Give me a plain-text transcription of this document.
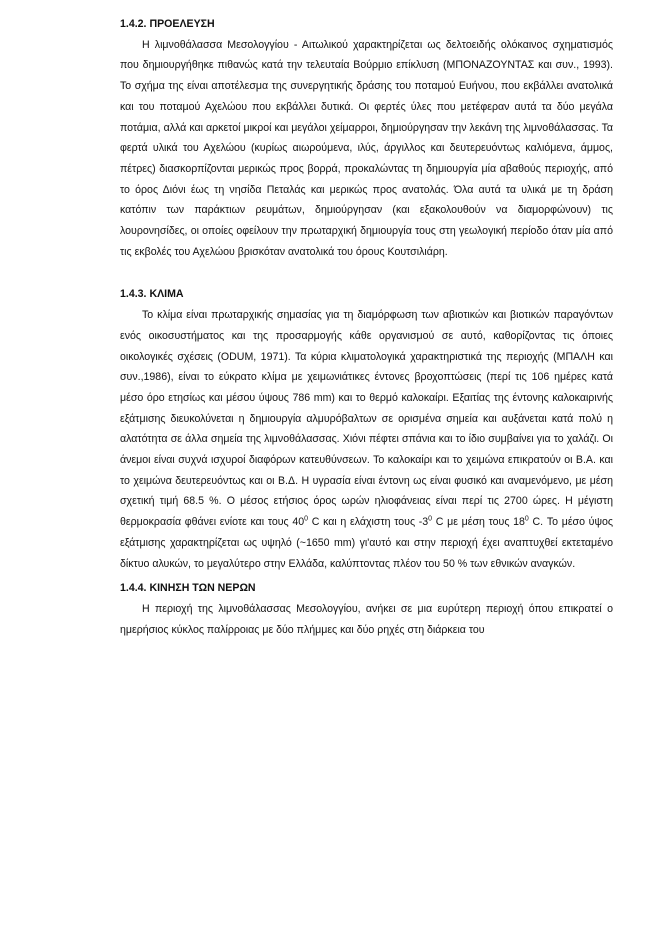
1.4.2. ΠΡΟΕΛΕΥΣΗ

Η λιμνοθάλασσα Μεσολογγίου - Αιτωλικού χαρακτηρίζεται ως δελτοειδής ολόκαινος σχηματισμός που δημιουργήθηκε πιθανώς κατά την τελευταία Βούρμιο επίκλυση (ΜΠΟΝΑΖΟΥΝΤΑΣ και συν., 1993). Το σχήμα της είναι αποτέλεσμα της συνεργητικής δράσης του ποταμού Ευήνου, που εκβάλλει ανατολικά και του ποταμού Αχελώου που εκβάλλει δυτικά. Οι φερτές ύλες που μετέφεραν αυτά τα δύο μεγάλα ποτάμια, αλλά και αρκετοί μικροί και μεγάλοι χείμαρροι, δημιούργησαν την λεκάνη της λιμνοθάλασσας. Τα φερτά υλικά του Αχελώου (κυρίως αιωρούμενα, ιλύς, άργιλλος και δευτερευόντως καλιόμενα, άμμος, πέτρες) διασκορπίζονται μερικώς προς βορρά, προκαλώντας τη δημιουργία μία αβαθούς περιοχής, από το όρος Διόνι έως τη νησίδα Πεταλάς και μερικώς προς ανατολάς. Όλα αυτά τα υλικά με τη δράση κατόπιν των παράκτιων ρευμάτων, δημιούργησαν (και εξακολουθούν να διαμορφώνουν) τις λουρονησίδες, οι οποίες οφείλουν την πρωταρχική δημιουργία τους στη γεωλογική περίοδο όταν μία από τις εκβολές του Αχελώου βρισκόταν ανατολικά του όρους Κουτσιλιάρη.

1.4.3. ΚΛΙΜΑ

Το κλίμα είναι πρωταρχικής σημασίας για τη διαμόρφωση των αβιοτικών και βιοτικών παραγόντων ενός οικοσυστήματος και της προσαρμογής κάθε οργανισμού σε αυτό, καθορίζοντας τις όποιες οικολογικές σχέσεις (ODUM, 1971). Τα κύρια κλιματολογικά χαρακτηριστικά της περιοχής (ΜΠΑΛΗ και συν.,1986), είναι το εύκρατο κλίμα με χειμωνιάτικες έντονες βροχοπτώσεις (περί τις 106 ημέρες κατά μέσο όρο ετησίως και μέσου ύψους 786 mm) και το θερμό καλοκαίρι. Εξαιτίας της έντονης καλοκαιρινής εξάτμισης διευκολύνεται η δημιουργία αλμυρόβαλτων σε ορισμένα σημεία και αυξάνεται κατά πολύ η αλατότητα σε άλλα σημεία της λιμνοθάλασσας. Χιόνι πέφτει σπάνια και το ίδιο συμβαίνει για το χαλάζι. Οι άνεμοι είναι συχνά ισχυροί διαφόρων κατευθύνσεων. Το καλοκαίρι και το χειμώνα επικρατούν οι Β.Α. και το χειμώνα δευτερευόντως και οι Β.Δ. Η υγρασία είναι έντονη ως είναι φυσικό και αναμενόμενο, με μέση σχετική τιμή 68.5 %. Ο μέσος ετήσιος όρος ωρών ηλιοφάνειας είναι περί τις 2700 ώρες. Η μέγιστη θερμοκρασία φθάνει ενίοτε και τους $40^0$ C και η ελάχιστη τους $-3^0$ C με μέση τους $18^0$ C. Το μέσο ύψος εξάτμισης χαρακτηρίζεται ως υψηλό (~1650 mm) γι'αυτό και στην περιοχή έχει αναπτυχθεί εκτεταμένο δίκτυο αλυκών, το μεγαλύτερο στην Ελλάδα, καλύπτοντας πλέον του 50 % των εθνικών αναγκών.

1.4.4. ΚΙΝΗΣΗ ΤΩΝ ΝΕΡΩΝ

Η περιοχή της λιμνοθάλασσας Μεσολογγίου, ανήκει σε μια ευρύτερη περιοχή όπου επικρατεί ο ημερήσιος κύκλος παλίρροιας με δύο πλήμμες και δύο ρηχές στη διάρκεια του
